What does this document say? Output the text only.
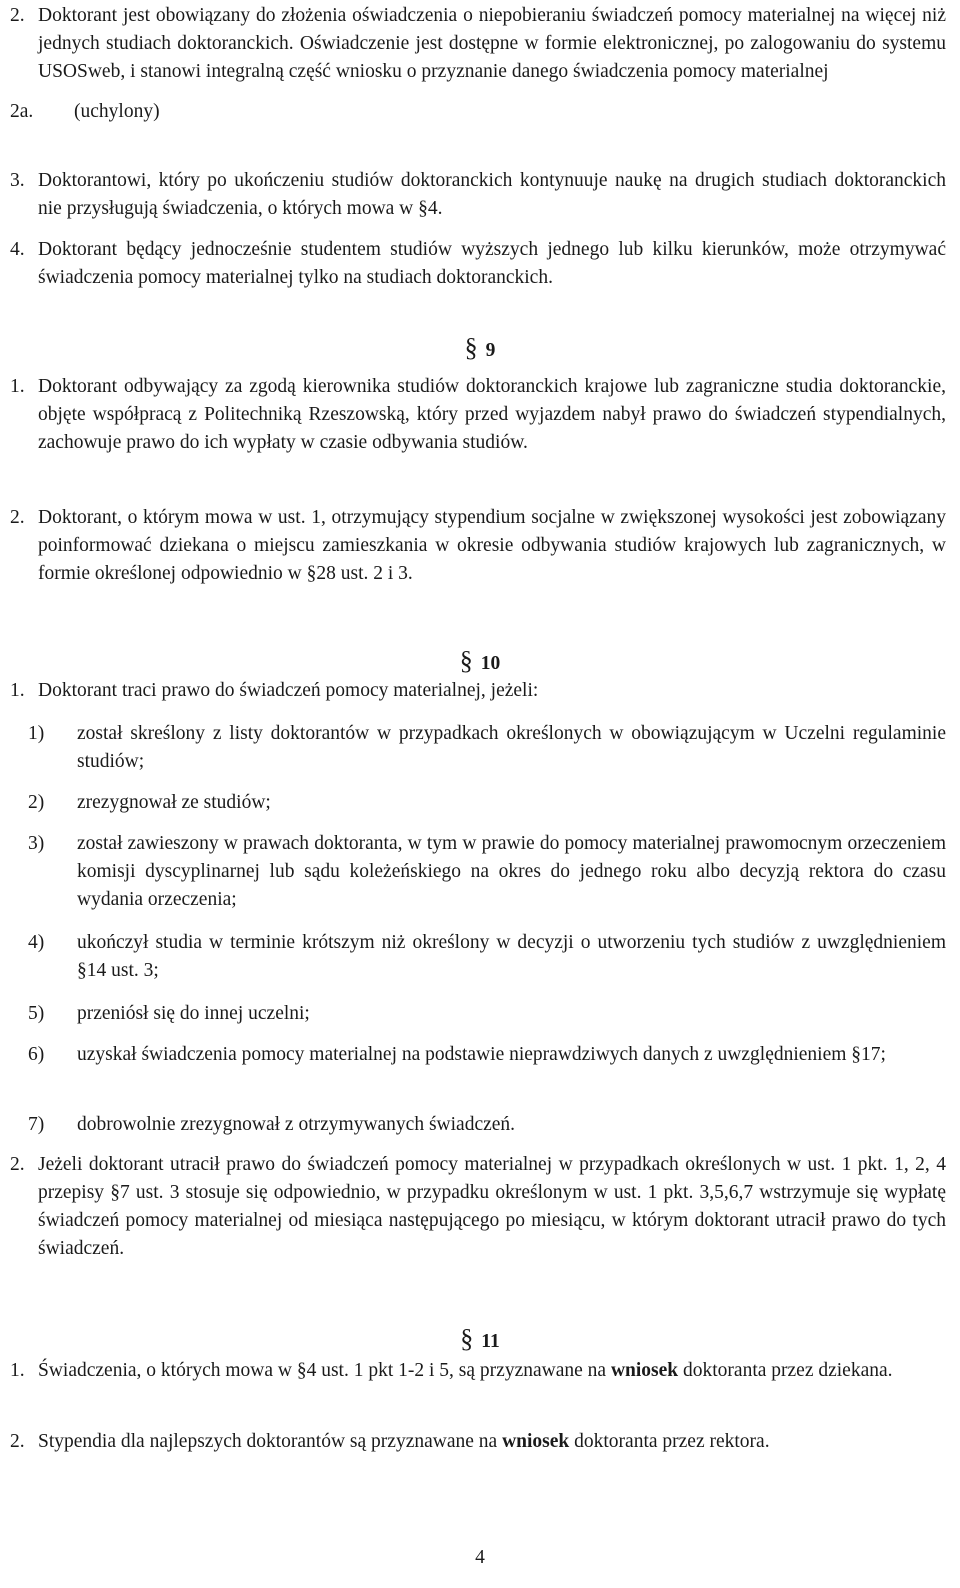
2. Doktorant jest obowiązany do złożenia oświadczenia o niepobieraniu świadczeń pomocy materialnej na więcej niż jednych studiach doktoranckich. Oświadczenie jest dostępne w formie elektronicznej, po zalogowaniu do systemu USOSweb, i stanowi integralną część wniosku o przyznanie danego świadczenia pomocy materialnej
2a. (uchylony)
3. Doktorantowi, który po ukończeniu studiów doktoranckich kontynuuje naukę na drugich studiach doktoranckich nie przysługują świadczenia, o których mowa w §4.
4. Doktorant będący jednocześnie studentem studiów wyższych jednego lub kilku kierunków, może otrzymywać świadczenia pomocy materialnej tylko na studiach doktoranckich.
§ 9
1. Doktorant odbywający za zgodą kierownika studiów doktoranckich krajowe lub zagraniczne studia doktoranckie, objęte współpracą z Politechniką Rzeszowską, który przed wyjazdem nabył prawo do świadczeń stypendialnych, zachowuje prawo do ich wypłaty w czasie odbywania studiów.
2. Doktorant, o którym mowa w ust. 1, otrzymujący stypendium socjalne w zwiększonej wysokości jest zobowiązany poinformować dziekana o miejscu zamieszkania w okresie odbywania studiów krajowych lub zagranicznych, w formie określonej odpowiednio w §28 ust. 2 i 3.
§ 10
1. Doktorant traci prawo do świadczeń pomocy materialnej, jeżeli:
1) został skreślony z listy doktorantów w przypadkach określonych w obowiązującym w Uczelni regulaminie studiów;
2) zrezygnował ze studiów;
3) został zawieszony w prawach doktoranta, w tym w prawie do pomocy materialnej prawomocnym orzeczeniem komisji dyscyplinarnej lub sądu koleżeńskiego na okres do jednego roku albo decyzją rektora do czasu wydania orzeczenia;
4) ukończył studia w terminie krótszym niż określony w decyzji o utworzeniu tych studiów z uwzględnieniem §14 ust. 3;
5) przeniósł się do innej uczelni;
6) uzyskał świadczenia pomocy materialnej na podstawie nieprawdziwych danych z uwzględnieniem §17;
7) dobrowolnie zrezygnował z otrzymywanych świadczeń.
2. Jeżeli doktorant utracił prawo do świadczeń pomocy materialnej w przypadkach określonych w ust. 1 pkt. 1, 2, 4 przepisy §7 ust. 3 stosuje się odpowiednio, w przypadku określonym w ust. 1 pkt. 3,5,6,7 wstrzymuje się wypłatę świadczeń pomocy materialnej od miesiąca następującego po miesiącu, w którym doktorant utracił prawo do tych świadczeń.
§ 11
1. Świadczenia, o których mowa w §4 ust. 1 pkt 1-2 i 5, są przyznawane na wniosek doktoranta przez dziekana.
2. Stypendia dla najlepszych doktorantów są przyznawane na wniosek doktoranta przez rektora.
4
